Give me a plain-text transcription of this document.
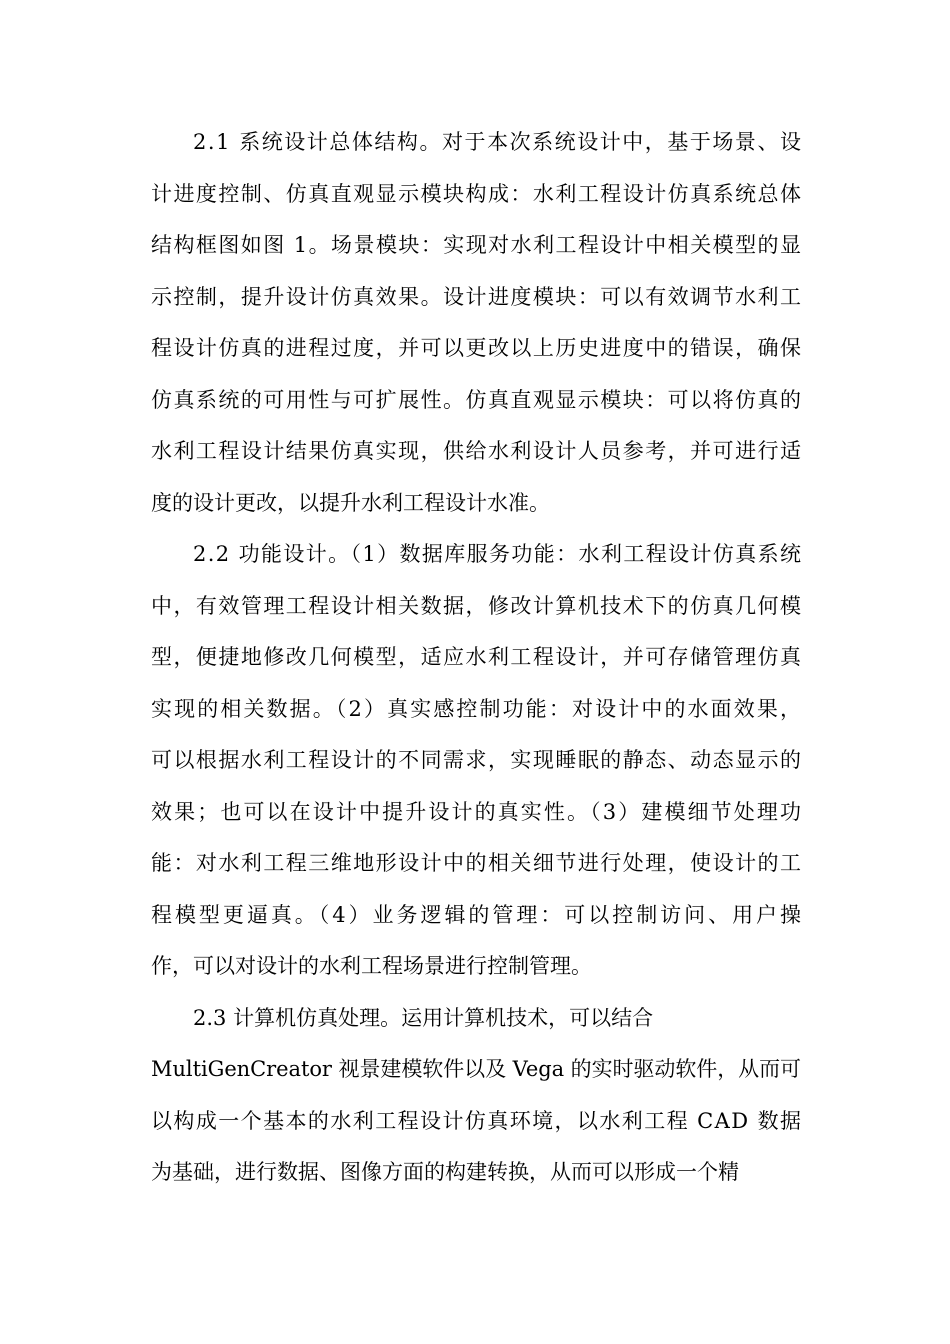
2.1 系统设计总体结构。对于本次系统设计中，基于场景、设
计进度控制、仿真直观显示模块构成：水利工程设计仿真系统总体
结构框图如图 1。场景模块：实现对水利工程设计中相关模型的显
示控制，提升设计仿真效果。设计进度模块：可以有效调节水利工
程设计仿真的进程过度，并可以更改以上历史进度中的错误，确保
仿真系统的可用性与可扩展性。仿真直观显示模块：可以将仿真的
水利工程设计结果仿真实现，供给水利设计人员参考，并可进行适
度的设计更改，以提升水利工程设计水准。
2.2 功能设计。（1）数据库服务功能：水利工程设计仿真系统
中，有效管理工程设计相关数据，修改计算机技术下的仿真几何模
型，便捷地修改几何模型，适应水利工程设计，并可存储管理仿真
实现的相关数据。（2）真实感控制功能：对设计中的水面效果，
可以根据水利工程设计的不同需求，实现睡眠的静态、动态显示的
效果；也可以在设计中提升设计的真实性。（3）建模细节处理功
能：对水利工程三维地形设计中的相关细节进行处理，使设计的工
程模型更逼真。（4）业务逻辑的管理：可以控制访问、用户操
作，可以对设计的水利工程场景进行控制管理。
2.3 计算机仿真处理。运用计算机技术，可以结合
MultiGenCreator 视景建模软件以及 Vega 的实时驱动软件，从而可
以构成一个基本的水利工程设计仿真环境，以水利工程 CAD 数据
为基础，进行数据、图像方面的构建转换，从而可以形成一个精
